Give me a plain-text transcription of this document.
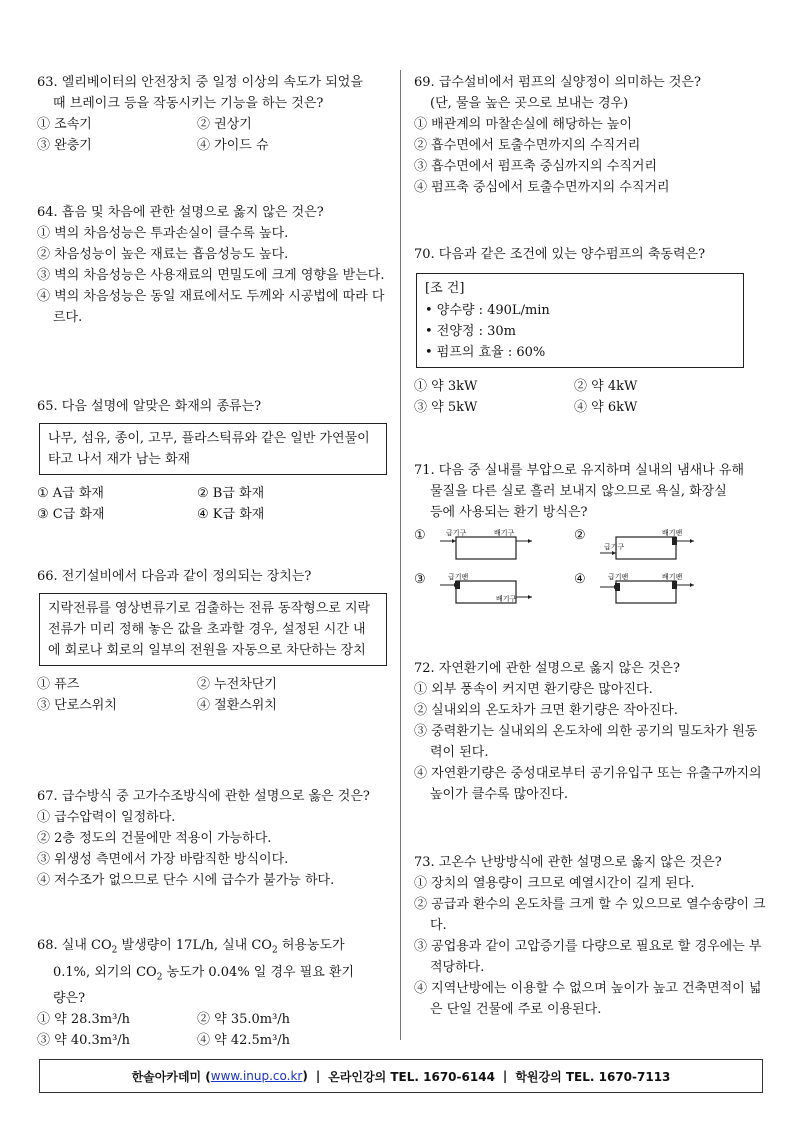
63. 엘리베이터의 안전장치 중 일정 이상의 속도가 되었을
때 브레이크 등을 작동시키는 기능을 하는 것은?
① 조속기	② 권상기
③ 완충기	④ 가이드 슈
64. 흡음 및 차음에 관한 설명으로 옳지 않은 것은?
① 벽의 차음성능은 투과손실이 클수록 높다.
② 차음성능이 높은 재료는 흡음성능도 높다.
③ 벽의 차음성능은 사용재료의 면밀도에 크게 영향을 받는다.
④ 벽의 차음성능은 동일 재료에서도 두께와 시공법에 따라 다르다.
65. 다음 설명에 알맞은 화재의 종류는?
나무, 섬유, 종이, 고무, 플라스틱류와 같은 일반 가연물이 타고 나서 재가 남는 화재
① A급 화재	② B급 화재
③ C급 화재	④ K급 화재
66. 전기설비에서 다음과 같이 정의되는 장치는?
지락전류를 영상변류기로 검출하는 전류 동작형으로 지락전류가 미리 정해 놓은 값을 초과할 경우, 설정된 시간 내에 회로나 회로의 일부의 전원을 자동으로 차단하는 장치
① 퓨즈	② 누전차단기
③ 단로스위치	④ 절환스위치
67. 급수방식 중 고가수조방식에 관한 설명으로 옳은 것은?
① 급수압력이 일정하다.
② 2층 정도의 건물에만 적용이 가능하다.
③ 위생성 측면에서 가장 바람직한 방식이다.
④ 저수조가 없으므로 단수 시에 급수가 불가능 하다.
68. 실내 $CO_2$ 발생량이 17L/h, 실내 $CO_2$ 허용농도가
0.1%, 외기의 $CO_2$ 농도가 0.04% 일 경우 필요 환기
량은?
① 약 28.3m³/h	② 약 35.0m³/h
③ 약 40.3m³/h	④ 약 42.5m³/h
69. 급수설비에서 펌프의 실양정이 의미하는 것은?
(단, 물을 높은 곳으로 보내는 경우)
① 배관계의 마찰손실에 해당하는 높이
② 흡수면에서 토출수면까지의 수직거리
③ 흡수면에서 펌프축 중심까지의 수직거리
④ 펌프축 중심에서 토출수면까지의 수직거리
70. 다음과 같은 조건에 있는 양수펌프의 축동력은?
[조 건]
• 양수량 : 490L/min
• 전양정 : 30m
• 펌프의 효율 : 60%
① 약 3kW	② 약 4kW
③ 약 5kW	④ 약 6kW
71. 다음 중 실내를 부압으로 유지하며 실내의 냄새나 유해
물질을 다른 실로 흘러 보내지 않으므로 욕실, 화장실
등에 사용되는 환기 방식은?
①	급기구	배기구	②
급기구
배기팬
③	급기팬
배기구
④	급기팬	배기팬
72. 자연환기에 관한 설명으로 옳지 않은 것은?
① 외부 풍속이 커지면 환기량은 많아진다.
② 실내외의 온도차가 크면 환기량은 작아진다.
③ 중력환기는 실내외의 온도차에 의한 공기의 밀도차가 원동력이 된다.
④ 자연환기량은 중성대로부터 공기유입구 또는 유출구까지의 높이가 클수록 많아진다.
73. 고온수 난방방식에 관한 설명으로 옳지 않은 것은?
① 장치의 열용량이 크므로 예열시간이 길게 된다.
② 공급과 환수의 온도차를 크게 할 수 있으므로 열수송량이 크다.
③ 공업용과 같이 고압증기를 다량으로 필요로 할 경우에는 부적당하다.
④ 지역난방에는 이용할 수 없으며 높이가 높고 건축면적이 넓은 단일 건물에 주로 이용된다.
한솔아카데미 ( www.inup.co.kr ) | 온라인강의 TEL. 1670-6144 | 학원강의 TEL. 1670-7113
